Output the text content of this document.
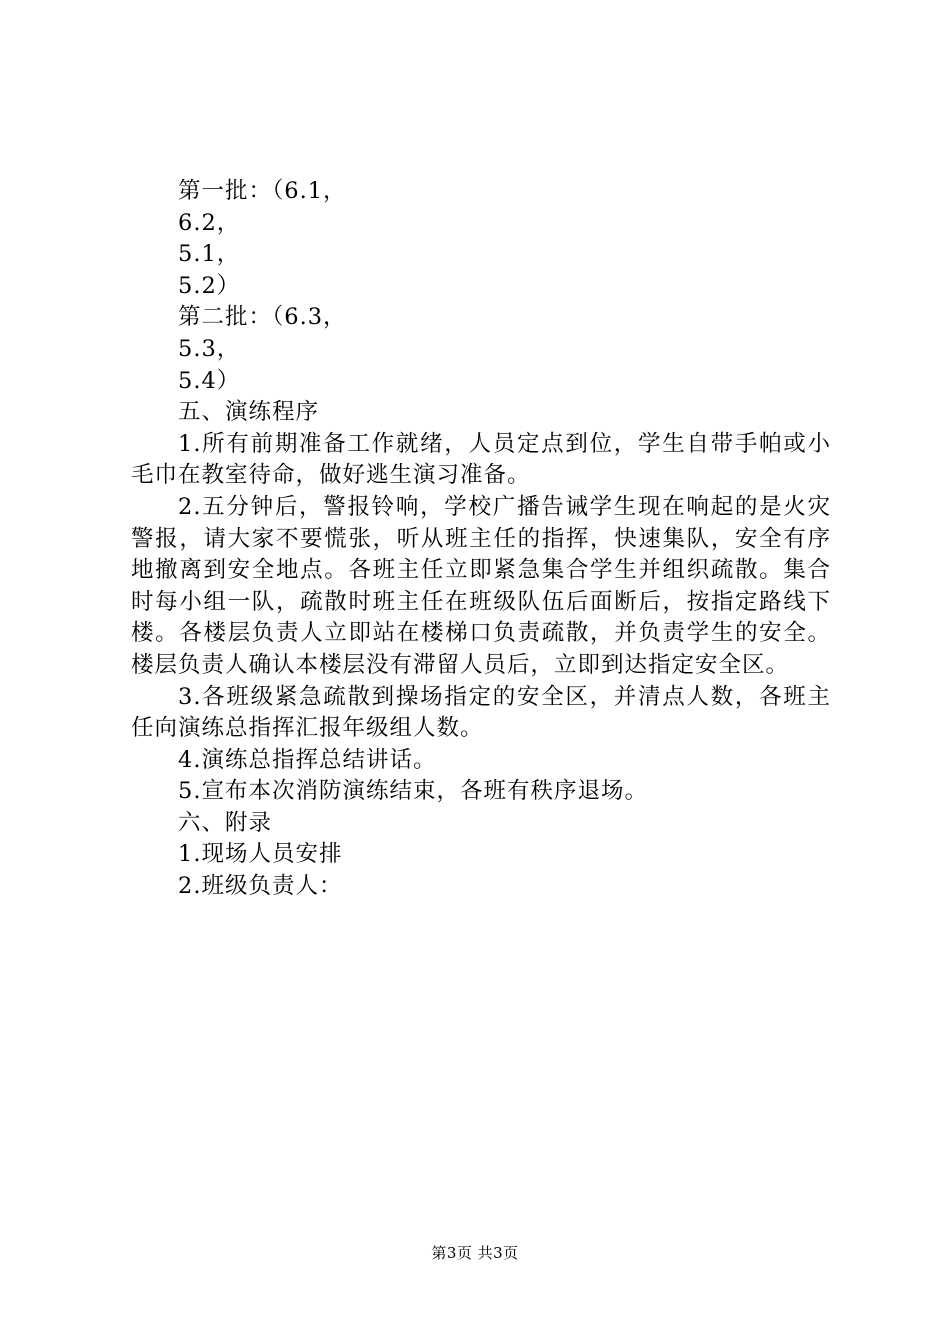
第一批：（6.1，

6.2，

5.1，

5.2）

第二批：（6.3，

5.3，

5.4）

五、演练程序

1.所有前期准备工作就绪，人员定点到位，学生自带手帕或小毛巾在教室待命，做好逃生演习准备。

2.五分钟后，警报铃响，学校广播告诫学生现在响起的是火灾警报，请大家不要慌张，听从班主任的指挥，快速集队，安全有序地撤离到安全地点。各班主任立即紧急集合学生并组织疏散。集合时每小组一队，疏散时班主任在班级队伍后面断后，按指定路线下楼。各楼层负责人立即站在楼梯口负责疏散，并负责学生的安全。楼层负责人确认本楼层没有滞留人员后，立即到达指定安全区。

3.各班级紧急疏散到操场指定的安全区，并清点人数，各班主任向演练总指挥汇报年级组人数。

4.演练总指挥总结讲话。

5.宣布本次消防演练结束，各班有秩序退场。

六、附录

1.现场人员安排

2.班级负责人：

第3页 共3页
